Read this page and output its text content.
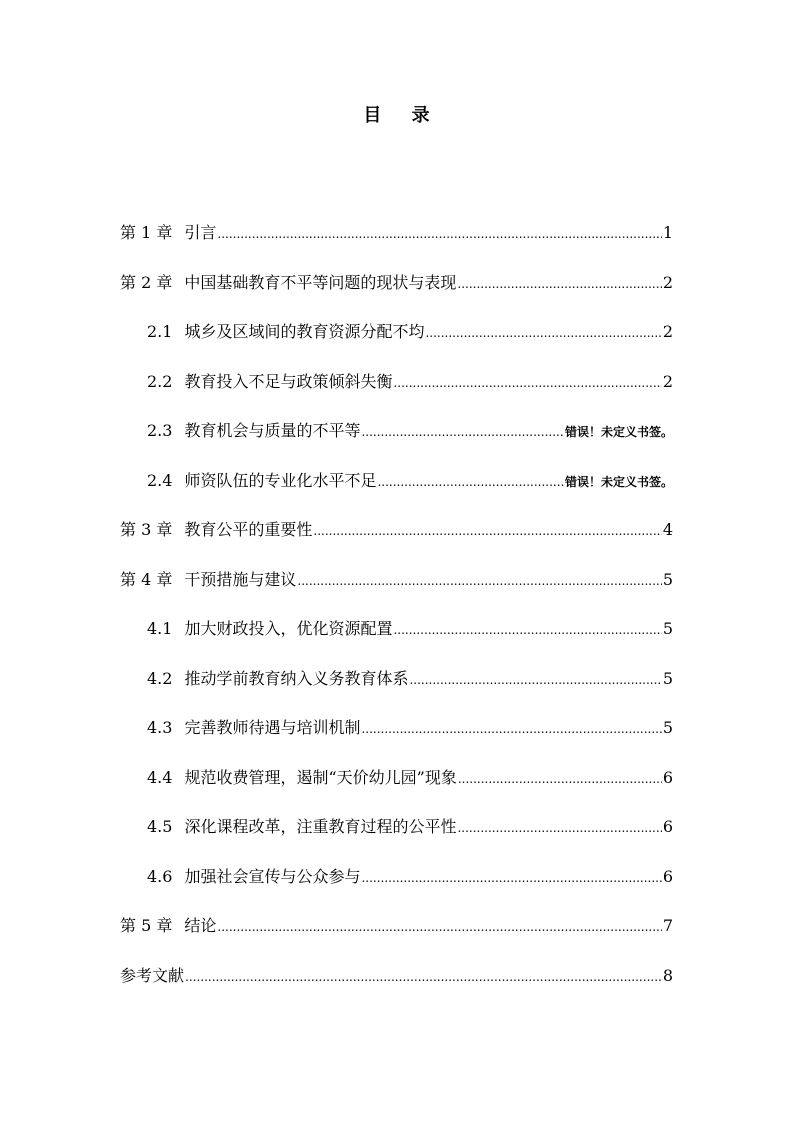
目 录
第 1 章 引言 .....	1
第 2 章 中国基础教育不平等问题的现状与表现 .....	2
2.1 城乡及区域间的教育资源分配不均 .....	2
2.2 教育投入不足与政策倾斜失衡 .....	2
2.3 教育机会与质量的不平等 .....	错误！未定义书签。
2.4 师资队伍的专业化水平不足 .....	错误！未定义书签。
第 3 章 教育公平的重要性 .....	4
第 4 章 干预措施与建议 .....	5
4.1 加大财政投入，优化资源配置 .....	5
4.2 推动学前教育纳入义务教育体系 .....	5
4.3 完善教师待遇与培训机制 .....	5
4.4 规范收费管理，遏制“天价幼儿园”现象 .....	6
4.5 深化课程改革，注重教育过程的公平性 .....	6
4.6 加强社会宣传与公众参与 .....	6
第 5 章 结论 .....	7
参考文献 .....	8
